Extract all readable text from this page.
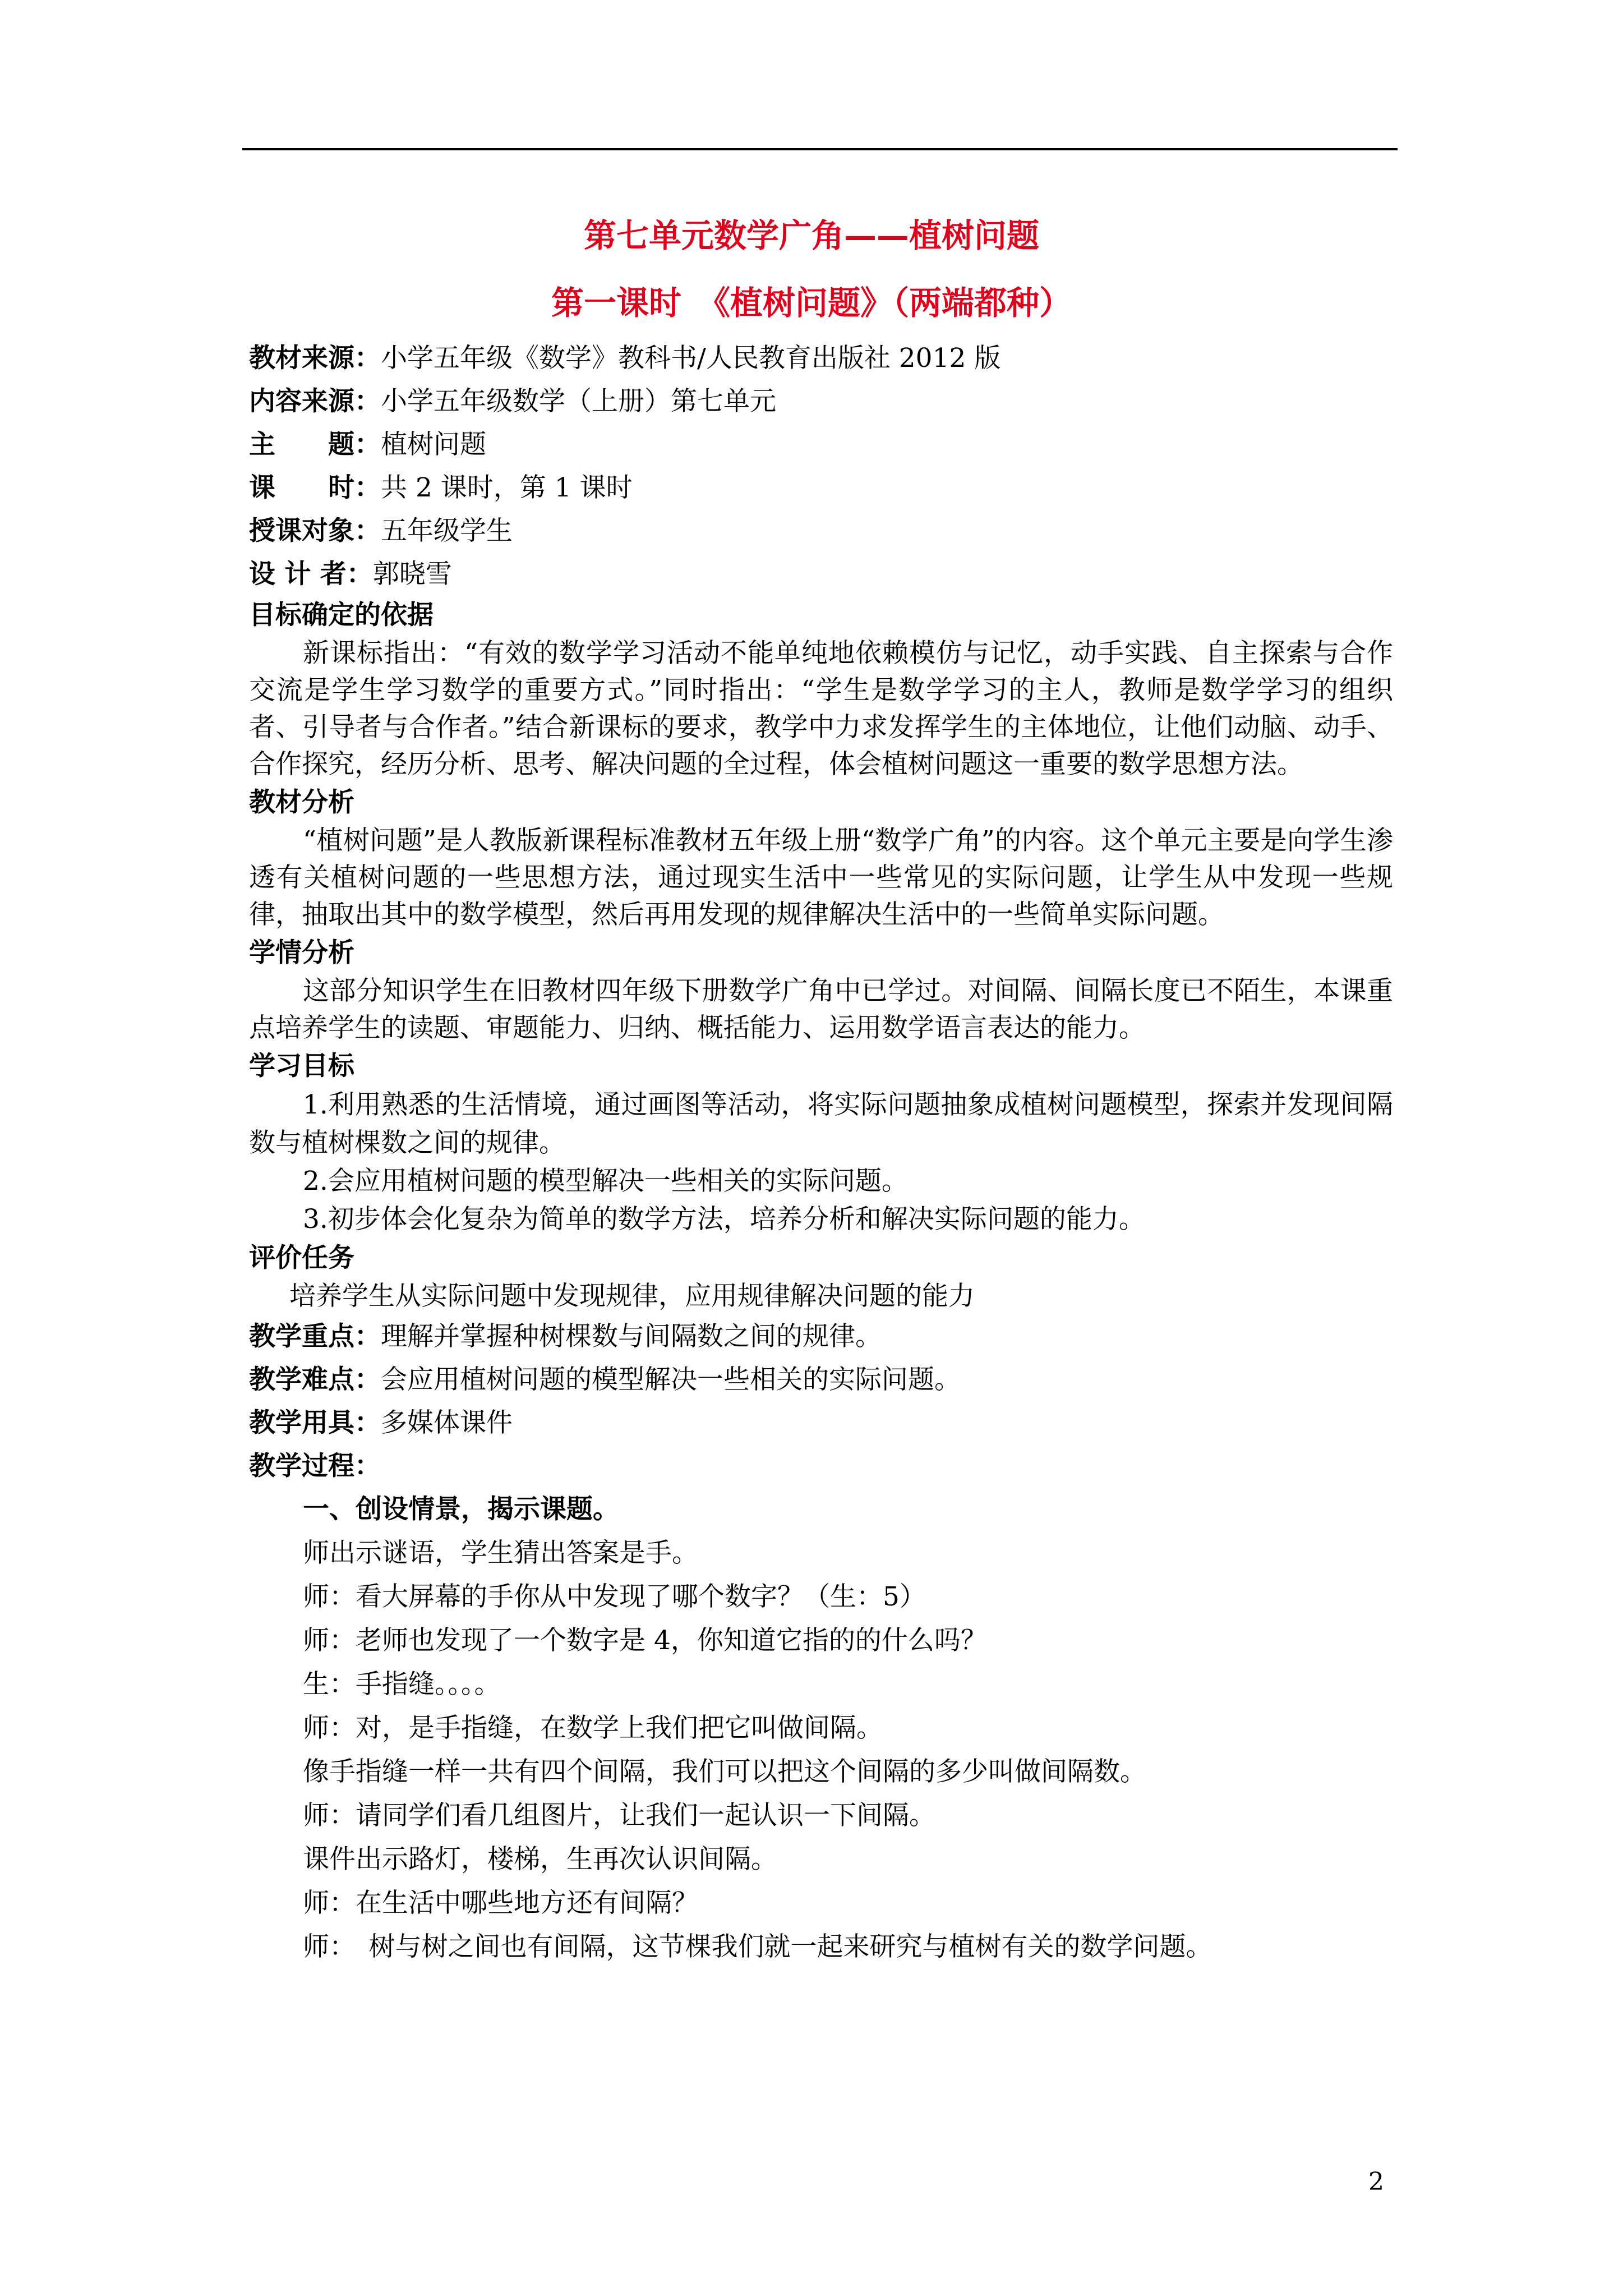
第七单元数学广角——植树问题
第一课时　《植树问题》（两端都种）

教材来源：小学五年级《数学》教科书/人民教育出版社 2012 版

内容来源：小学五年级数学（上册）第七单元

主　　题：植树问题

课　　时：共 2 课时，第 1 课时

授课对象：五年级学生

设 计 者：郭晓雪

目标确定的依据

新课标指出：“有效的数学学习活动不能单纯地依赖模仿与记忆，动手实践、自主探索与合作交流是学生学习数学的重要方式。”同时指出：“学生是数学学习的主人，教师是数学学习的组织者、引导者与合作者。”结合新课标的要求，教学中力求发挥学生的主体地位，让他们动脑、动手、合作探究，经历分析、思考、解决问题的全过程，体会植树问题这一重要的数学思想方法。

教材分析

“植树问题”是人教版新课程标准教材五年级上册“数学广角”的内容。这个单元主要是向学生渗透有关植树问题的一些思想方法，通过现实生活中一些常见的实际问题，让学生从中发现一些规律，抽取出其中的数学模型，然后再用发现的规律解决生活中的一些简单实际问题。

学情分析

这部分知识学生在旧教材四年级下册数学广角中已学过。对间隔、间隔长度已不陌生，本课重点培养学生的读题、审题能力、归纳、概括能力、运用数学语言表达的能力。

学习目标

1.利用熟悉的生活情境，通过画图等活动，将实际问题抽象成植树问题模型，探索并发现间隔数与植树棵数之间的规律。

2.会应用植树问题的模型解决一些相关的实际问题。

3.初步体会化复杂为简单的数学方法，培养分析和解决实际问题的能力。

评价任务

培养学生从实际问题中发现规律，应用规律解决问题的能力

教学重点：理解并掌握种树棵数与间隔数之间的规律。

教学难点：会应用植树问题的模型解决一些相关的实际问题。

教学用具：多媒体课件

教学过程：

一、创设情景，揭示课题。

师出示谜语，学生猜出答案是手。

师：看大屏幕的手你从中发现了哪个数字？（生：5）

师：老师也发现了一个数字是 4，你知道它指的的什么吗？

生：手指缝。。。。

师：对，是手指缝，在数学上我们把它叫做间隔。

像手指缝一样一共有四个间隔，我们可以把这个间隔的多少叫做间隔数。

师：请同学们看几组图片，让我们一起认识一下间隔。

课件出示路灯，楼梯，生再次认识间隔。

师：在生活中哪些地方还有间隔？

师：　树与树之间也有间隔，这节棵我们就一起来研究与植树有关的数学问题。

2
